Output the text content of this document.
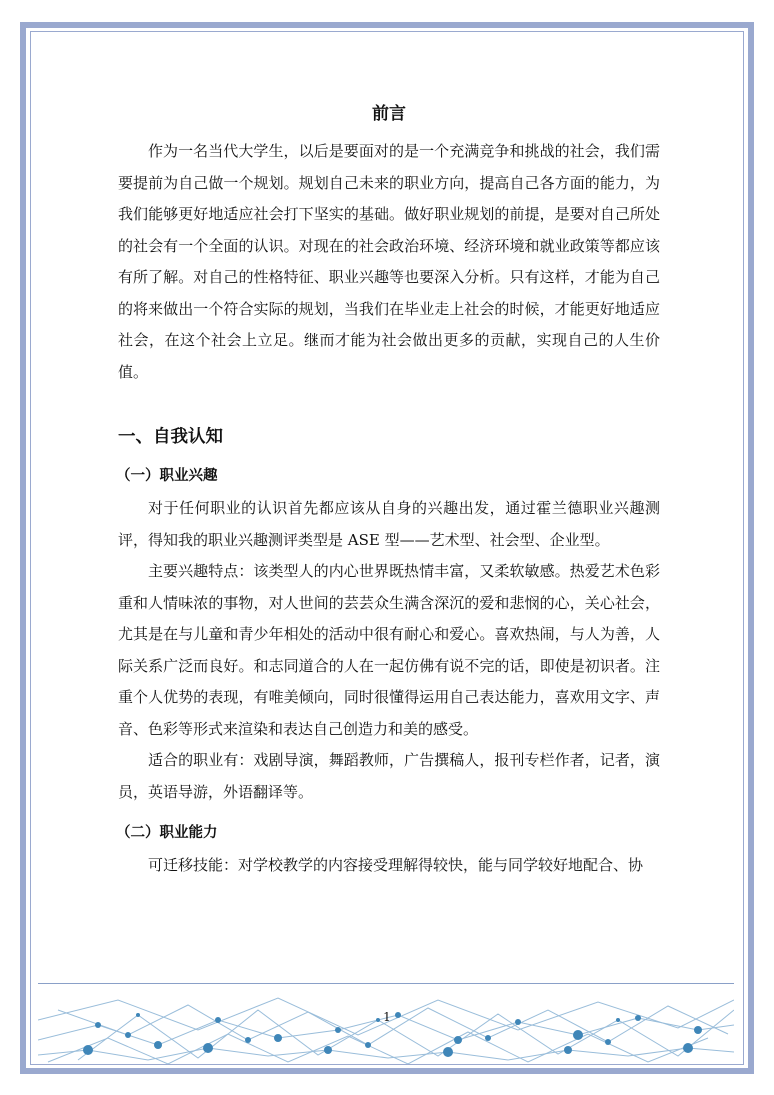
前言

作为一名当代大学生，以后是要面对的是一个充满竞争和挑战的社会，我们需要提前为自己做一个规划。规划自己未来的职业方向，提高自己各方面的能力，为我们能够更好地适应社会打下坚实的基础。做好职业规划的前提，是要对自己所处的社会有一个全面的认识。对现在的社会政治环境、经济环境和就业政策等都应该有所了解。对自己的性格特征、职业兴趣等也要深入分析。只有这样，才能为自己的将来做出一个符合实际的规划，当我们在毕业走上社会的时候，才能更好地适应社会，在这个社会上立足。继而才能为社会做出更多的贡献，实现自己的人生价值。

一、自我认知
（一）职业兴趣

对于任何职业的认识首先都应该从自身的兴趣出发，通过霍兰德职业兴趣测评，得知我的职业兴趣测评类型是 ASE 型——艺术型、社会型、企业型。

主要兴趣特点：该类型人的内心世界既热情丰富，又柔软敏感。热爱艺术色彩重和人情味浓的事物，对人世间的芸芸众生满含深沉的爱和悲悯的心，关心社会，尤其是在与儿童和青少年相处的活动中很有耐心和爱心。喜欢热闹，与人为善，人际关系广泛而良好。和志同道合的人在一起仿佛有说不完的话，即使是初识者。注重个人优势的表现，有唯美倾向，同时很懂得运用自己表达能力，喜欢用文字、声音、色彩等形式来渲染和表达自己创造力和美的感受。

适合的职业有：戏剧导演，舞蹈教师，广告撰稿人，报刊专栏作者，记者，演员，英语导游，外语翻译等。

（二）职业能力

可迁移技能：对学校教学的内容接受理解得较快，能与同学较好地配合、协

1
